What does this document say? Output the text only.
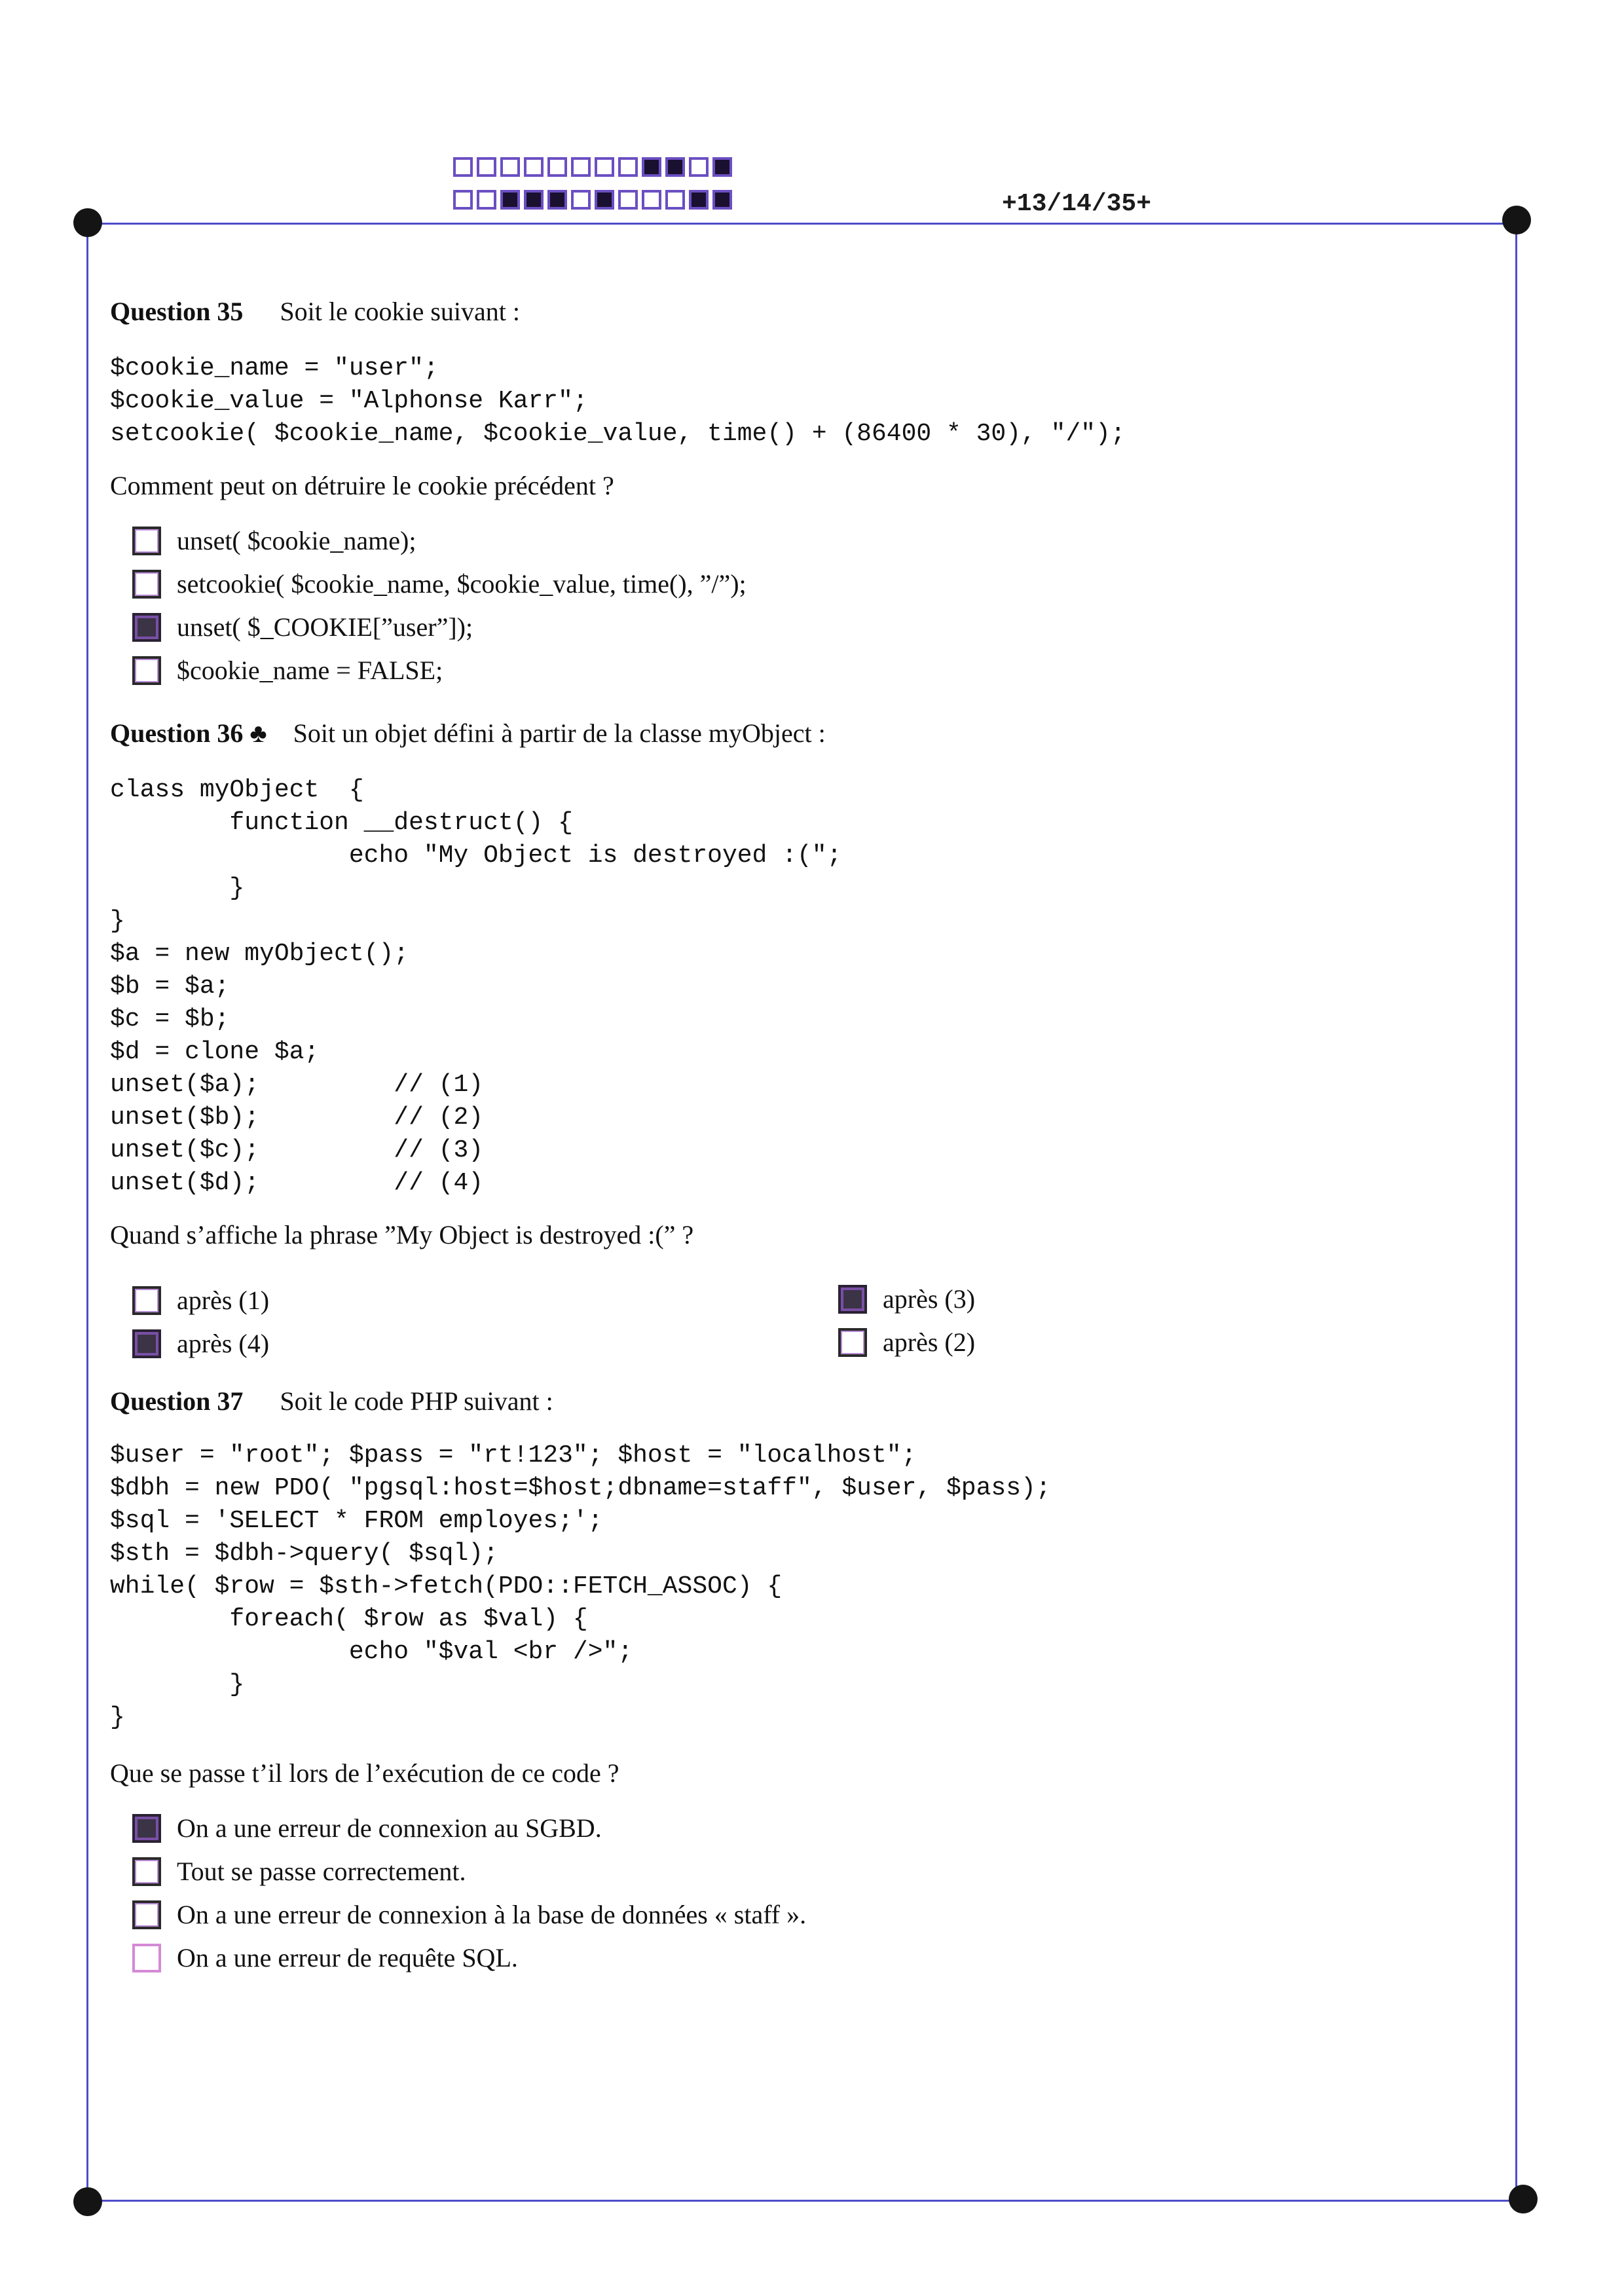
+13/14/35+
Question 35 Soit le cookie suivant :
$cookie_name = "user";
$cookie_value = "Alphonse Karr";
setcookie( $cookie_name, $cookie_value, time() + (86400 * 30), "/");
Comment peut on détruire le cookie précédent ?
unset( $cookie_name);
setcookie( $cookie_name, $cookie_value, time(), ”/”);
unset( $_COOKIE[”user”]);
$cookie_name = FALSE;
Question 36 ♣ Soit un objet défini à partir de la classe myObject :
class myObject  {
function __destruct() {
echo "My Object is destroyed :(";
}
}
$a = new myObject();
$b = $a;
$c = $b;
$d = clone $a;
unset($a);         // (1)
unset($b);         // (2)
unset($c);         // (3)
unset($d);         // (4)
Quand s’affiche la phrase ”My Object is destroyed :(” ?
après (1)
après (4)
après (3)
après (2)
Question 37 Soit le code PHP suivant :
$user = "root"; $pass = "rt!123"; $host = "localhost";
$dbh = new PDO( "pgsql:host=$host;dbname=staff", $user, $pass);
$sql = 'SELECT * FROM employes;';
$sth = $dbh->query( $sql);
while( $row = $sth->fetch(PDO::FETCH_ASSOC) {
foreach( $row as $val) {
echo "$val <br />";
}
}
Que se passe t’il lors de l’exécution de ce code ?
On a une erreur de connexion au SGBD.
Tout se passe correctement.
On a une erreur de connexion à la base de données « staff ».
On a une erreur de requête SQL.
